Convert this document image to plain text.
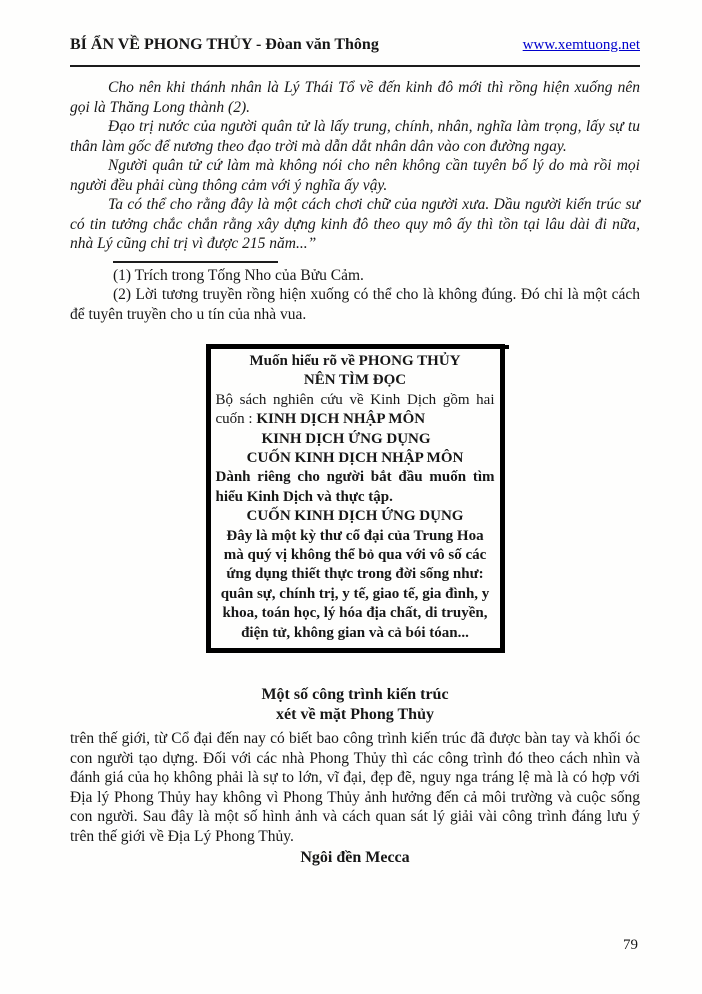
BÍ ẨN VỀ PHONG THỦY - Đòan văn Thông	www.xemtuong.net

Cho nên khi thánh nhân là Lý Thái Tổ về đến kinh đô mới thì rồng hiện xuống nên gọi là Thăng Long thành (2).

Đạo trị nước của người quân tử là lấy trung, chính, nhân, nghĩa làm trọng, lấy sự tu thân làm gốc để nương theo đạo trời mà dẫn dắt nhân dân vào con đường ngay.

Người quân tử cứ làm mà không nói cho nên không cần tuyên bố lý do mà rồi mọi người đều phải cùng thông cảm với ý nghĩa ấy vậy.

Ta có thể cho rằng đây là một cách chơi chữ của người xưa. Dầu người kiến trúc sư có tin tưởng chắc chắn rằng xây dựng kinh đô theo quy mô ấy thì tồn tại lâu dài đi nữa, nhà Lý cũng chỉ trị vì được 215 năm...”

(1) Trích trong Tống Nho của Bửu Cảm.

(2) Lời tương truyền rồng hiện xuống có thể cho là không đúng. Đó chỉ là một cách để tuyên truyền cho u tín của nhà vua.

Muốn hiểu rõ về PHONG THỦY
NÊN TÌM ĐỌC
Bộ sách nghiên cứu về Kinh Dịch gồm hai
cuốn : KINH DỊCH NHẬP MÔN
KINH DỊCH ỨNG DỤNG
CUỐN KINH DỊCH NHẬP MÔN
Dành riêng cho người bắt đầu muốn tìm
hiểu Kinh Dịch và thực tập.
CUỐN KINH DỊCH ỨNG DỤNG
Đây là một kỳ thư cổ đại của Trung Hoa mà quý vị không thể bỏ qua với vô số các ứng dụng thiết thực trong đời sống như: quân sự, chính trị, y tế, giao tế, gia đình, y khoa, toán học, lý hóa địa chất, di truyền, điện tử, không gian và cả bói tóan...
Một số công trình kiến trúc
xét về mặt Phong Thủy

trên thế giới, từ Cổ đại đến nay có biết bao công trình kiến trúc đã được bàn tay và khối óc con người tạo dựng. Đối với các nhà Phong Thủy thì các công trình đó theo cách nhìn và đánh giá của họ không phải là sự to lớn, vĩ đại, đẹp đẽ, nguy nga tráng lệ mà là có hợp với Địa lý Phong Thủy hay không vì Phong Thủy ảnh hưởng đến cả môi trường và cuộc sống con người. Sau đây là một số hình ảnh và cách quan sát lý giải vài công trình đáng lưu ý trên thế giới về Địa Lý Phong Thủy.

Ngôi đền Mecca
79
